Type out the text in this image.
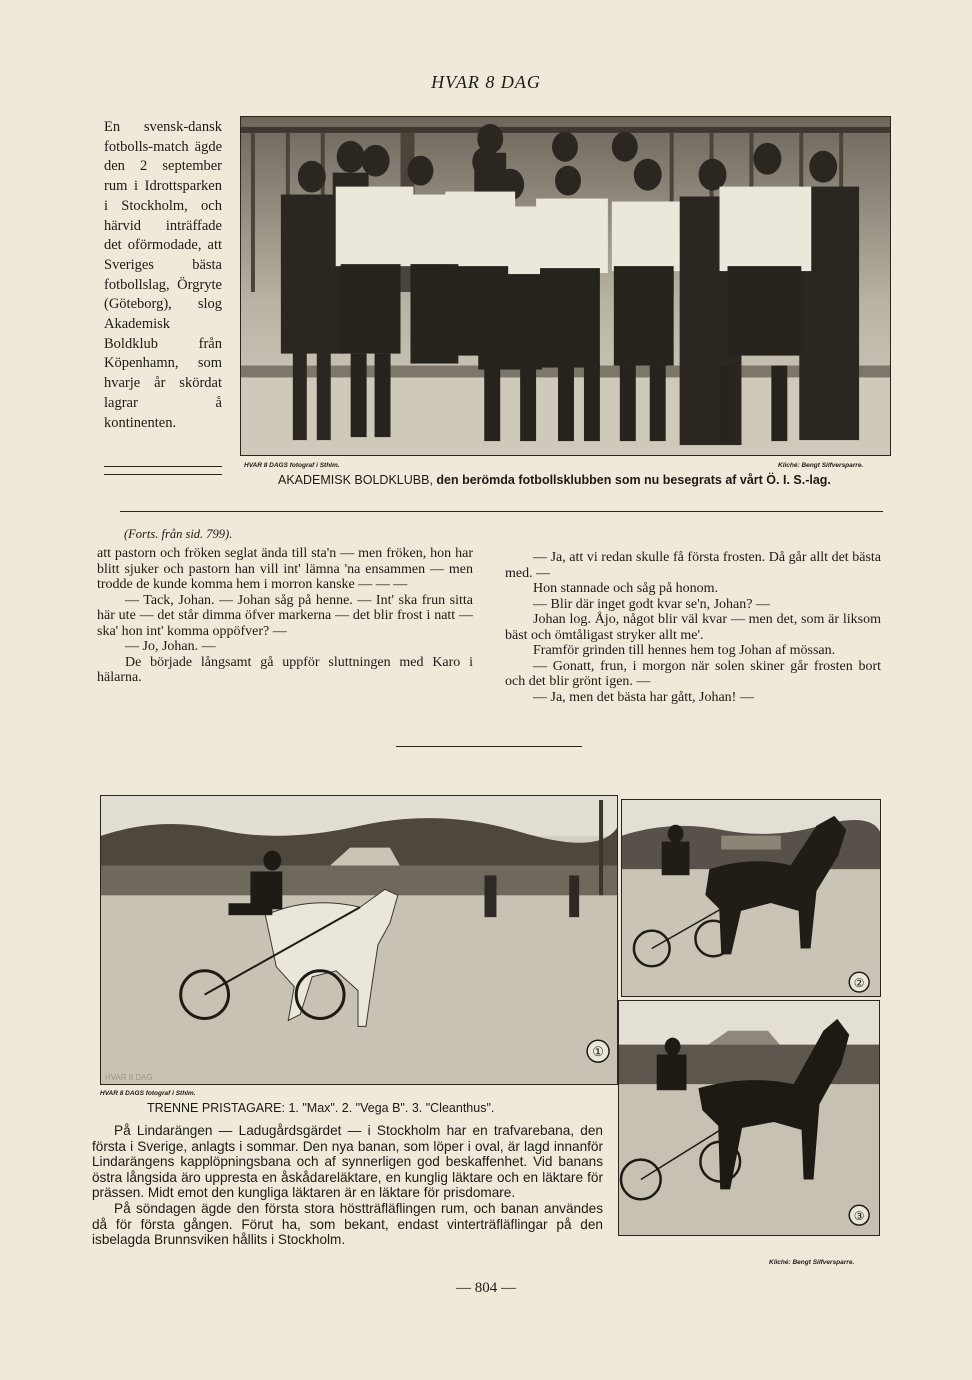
HVAR 8 DAG
En svensk-dansk fotbolls-match ägde den 2 september rum i Idrottsparken i Stockholm, och härvid inträffade det oförmodade, att Sveriges bästa fotbollslag, Örgryte (Göteborg), slog Akademisk Boldklub från Köpenhamn, som hvarje år skördat lagrar å kontinenten.
HVAR 8 DAGS fotograf i Sthlm.	Kliché: Bengt Silfversparre.
AKADEMISK BOLDKLUBB, den berömda fotbollsklubben som nu besegrats af vårt Ö. I. S.-lag.
(Forts. från sid. 799).

att pastorn och fröken seglat ända till sta'n — men fröken, hon har blitt sjuker och pastorn han vill int' lämna 'na ensammen — men trodde de kunde komma hem i morron kanske — — —

— Tack, Johan. — Johan såg på henne. — Int' ska frun sitta här ute — det står dimma öfver markerna — det blir frost i natt — ska' hon int' komma oppöfver? —

— Jo, Johan. —

De började långsamt gå uppför sluttningen med Karo i hälarna.

— Ja, att vi redan skulle få första frosten. Då går allt det bästa med. —

Hon stannade och såg på honom.

— Blir där inget godt kvar se'n, Johan? —

Johan log. Åjo, något blir väl kvar — men det, som är liksom bäst och ömtåligast stryker allt me'.

Framför grinden till hennes hem tog Johan af mössan.

— Gonatt, frun, i morgon när solen skiner går frosten bort och det blir grönt igen. —

— Ja, men det bästa har gått, Johan! —

①
HVAR 8 DAG
②
③
HVAR 8 DAGS fotograf i Sthlm.
TRENNE PRISTAGARE: 1. "Max". 2. "Vega B". 3. "Cleanthus".

På Lindarängen — Ladugårdsgärdet — i Stockholm har en trafvarebana, den första i Sverige, anlagts i sommar. Den nya banan, som löper i oval, är lagd innanför Lindarängens kapplöpningsbana och af synnerligen god beskaffenhet. Vid banans östra långsida äro uppresta en åskådareläktare, en kunglig läktare och en läktare för prässen. Midt emot den kungliga läktaren är en läktare för prisdomare.

På söndagen ägde den första stora höstträfläflingen rum, och banan användes då för första gången. Förut ha, som bekant, endast vinterträfläflingar på den isbelagda Brunnsviken hållits i Stockholm.

Kliché: Bengt Silfversparre.
— 804 —
